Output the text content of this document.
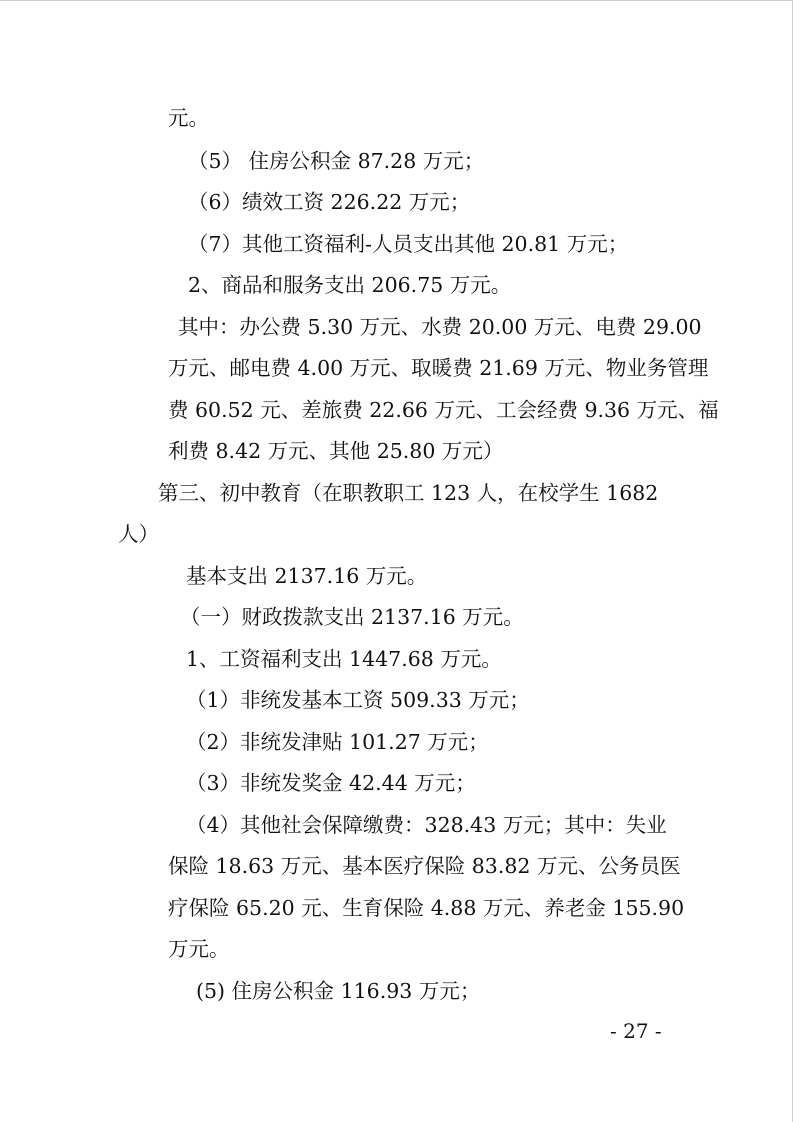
元。
（5） 住房公积金 87.28 万元；
（6）绩效工资 226.22 万元；
（7）其他工资福利-人员支出其他 20.81 万元；
2、商品和服务支出 206.75 万元。
其中：办公费 5.30 万元、水费 20.00 万元、电费 29.00
万元、邮电费 4.00 万元、取暖费 21.69 万元、物业务管理
费 60.52 元、差旅费 22.66 万元、工会经费 9.36 万元、福
利费 8.42 万元、其他 25.80 万元）
第三、初中教育（在职教职工 123 人，在校学生 1682
人）
基本支出 2137.16 万元。
（一）财政拨款支出 2137.16 万元。
1、工资福利支出 1447.68 万元。
（1）非统发基本工资 509.33 万元；
（2）非统发津贴 101.27 万元；
（3）非统发奖金 42.44 万元；
（4）其他社会保障缴费：328.43 万元；其中：失业
保险 18.63 万元、基本医疗保险 83.82 万元、公务员医
疗保险 65.20 元、生育保险 4.88 万元、养老金 155.90
万元。
(5) 住房公积金 116.93 万元；
- 27 -
